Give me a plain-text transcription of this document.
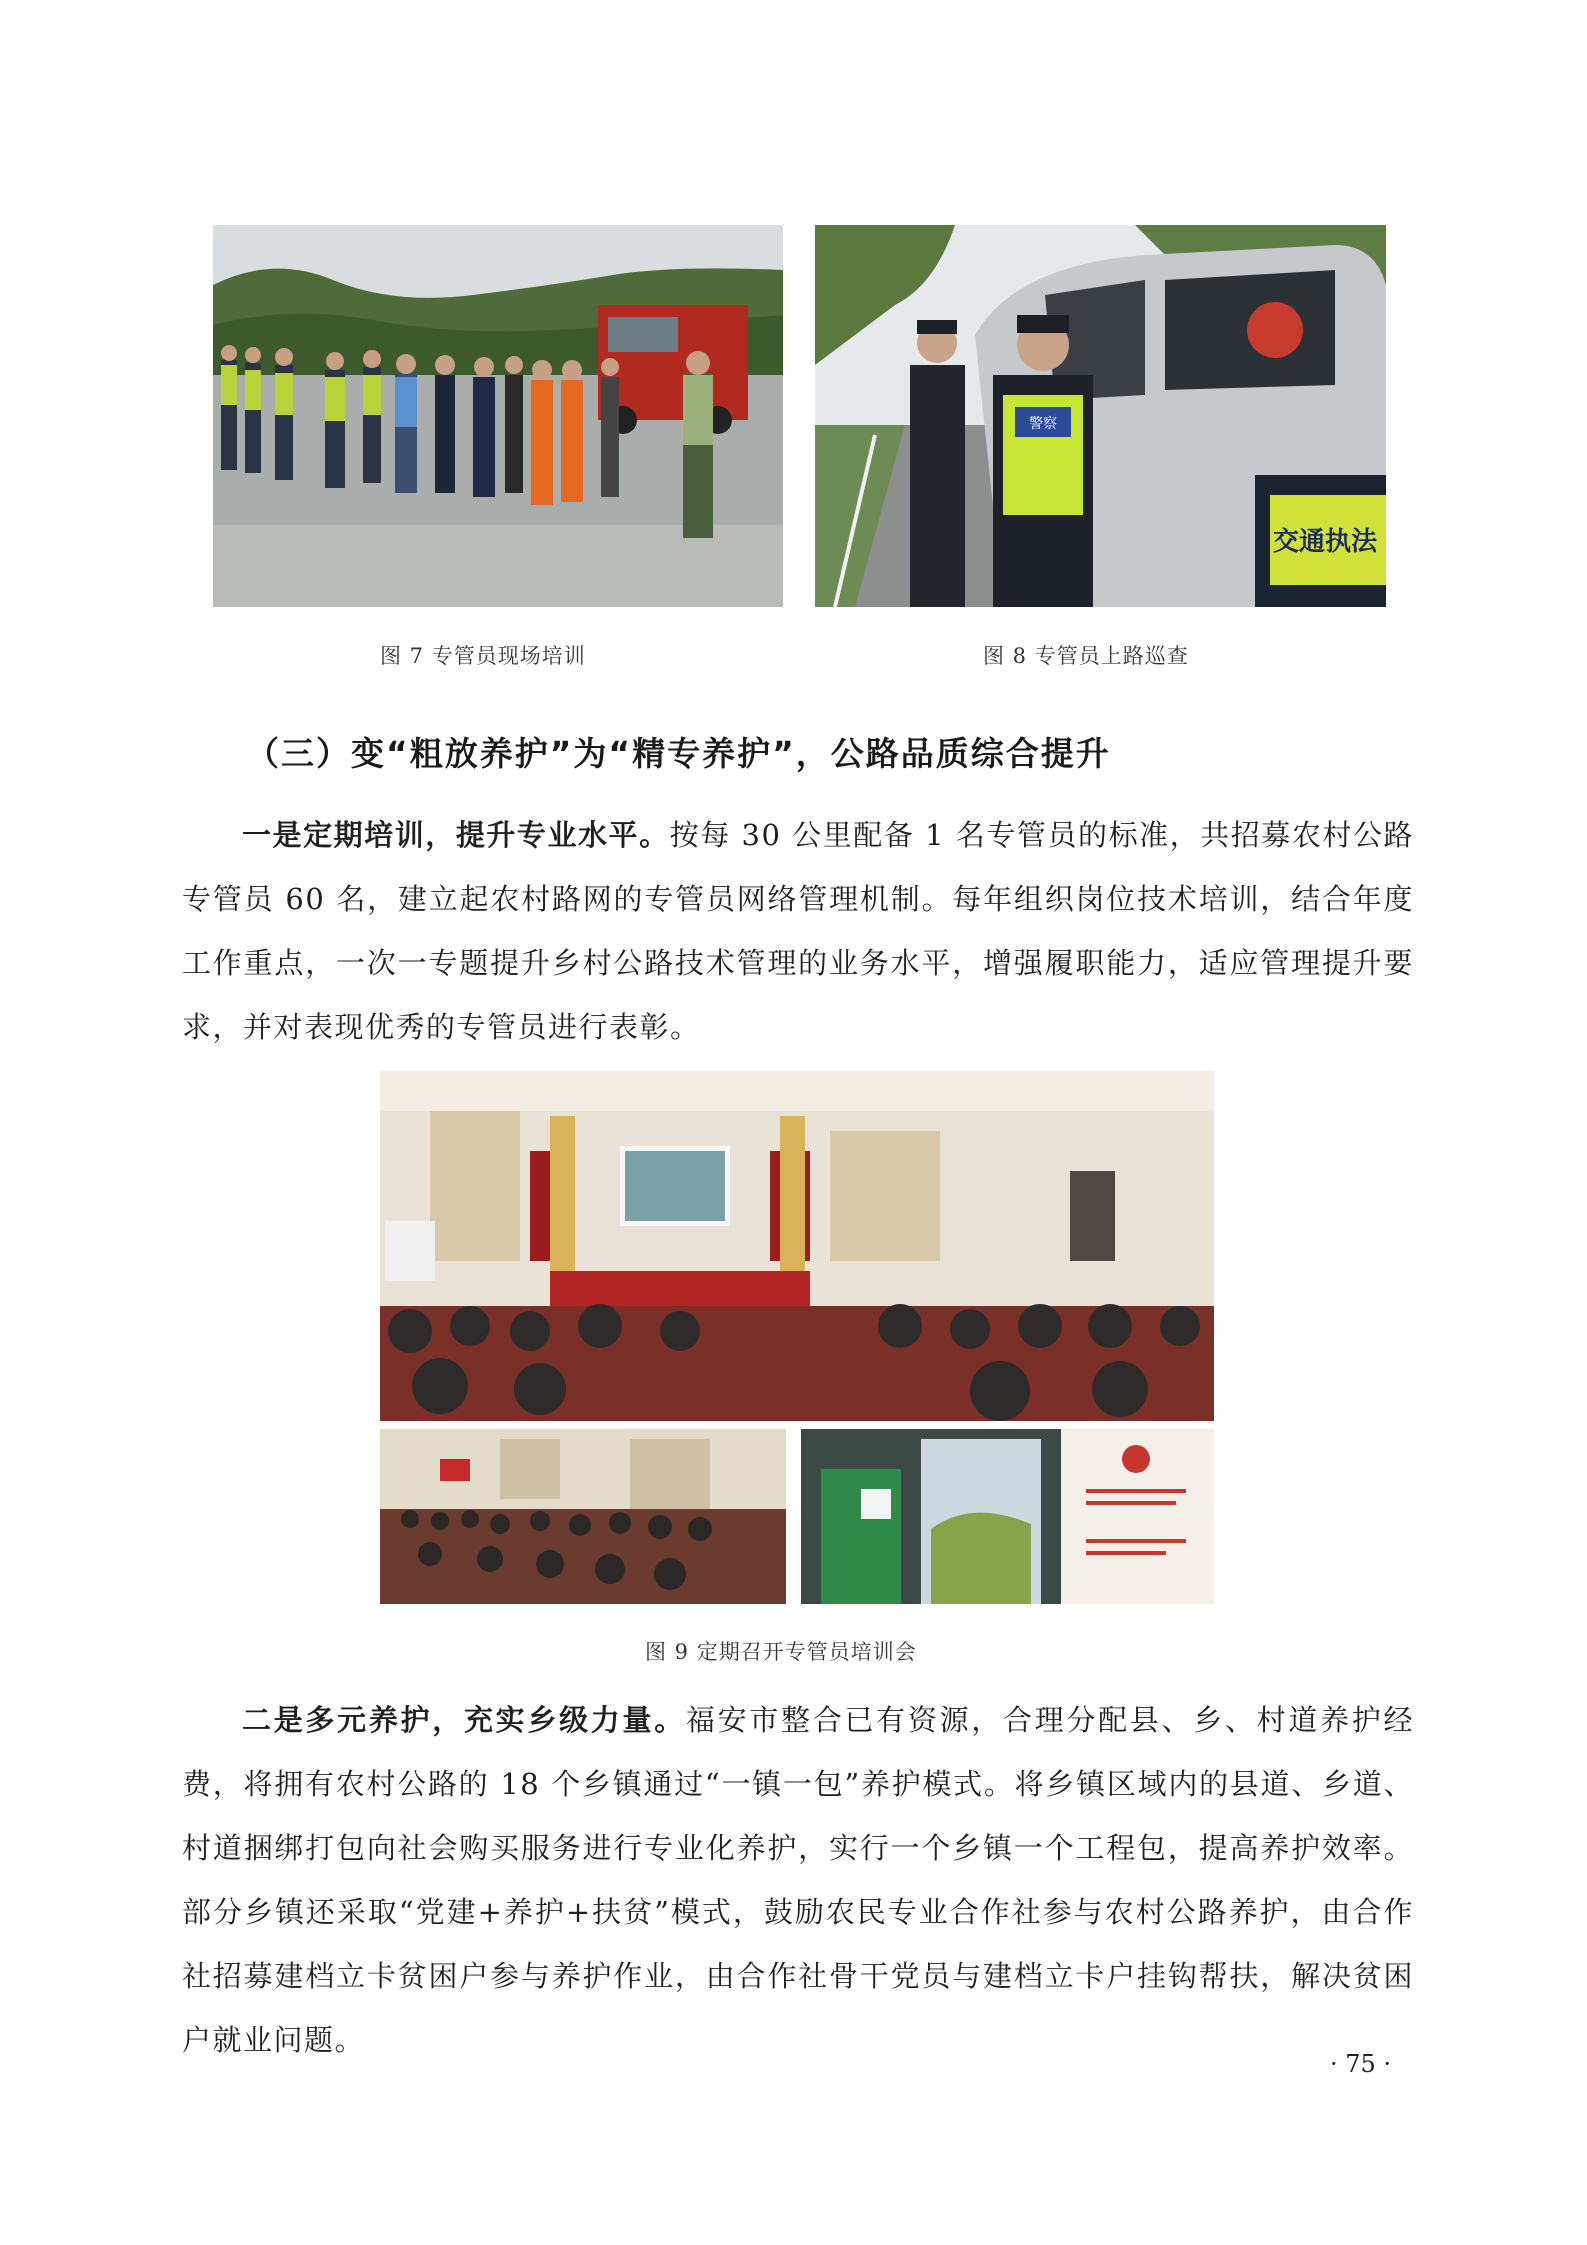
警察
交通执法
图 7 专管员现场培训	图 8 专管员上路巡查
（三）变“粗放养护”为“精专养护”，公路品质综合提升
一是定期培训，提升专业水平。按每 30 公里配备 1 名专管员的标准，共招募农村公路专管员 60 名，建立起农村路网的专管员网络管理机制。每年组织岗位技术培训，结合年度工作重点，一次一专题提升乡村公路技术管理的业务水平，增强履职能力，适应管理提升要求，并对表现优秀的专管员进行表彰。
图 9 定期召开专管员培训会
二是多元养护，充实乡级力量。福安市整合已有资源，合理分配县、乡、村道养护经费，将拥有农村公路的 18 个乡镇通过“一镇一包”养护模式。将乡镇区域内的县道、乡道、村道捆绑打包向社会购买服务进行专业化养护，实行一个乡镇一个工程包，提高养护效率。部分乡镇还采取“党建+养护+扶贫”模式，鼓励农民专业合作社参与农村公路养护，由合作社招募建档立卡贫困户参与养护作业，由合作社骨干党员与建档立卡户挂钩帮扶，解决贫困户就业问题。
· 75 ·
